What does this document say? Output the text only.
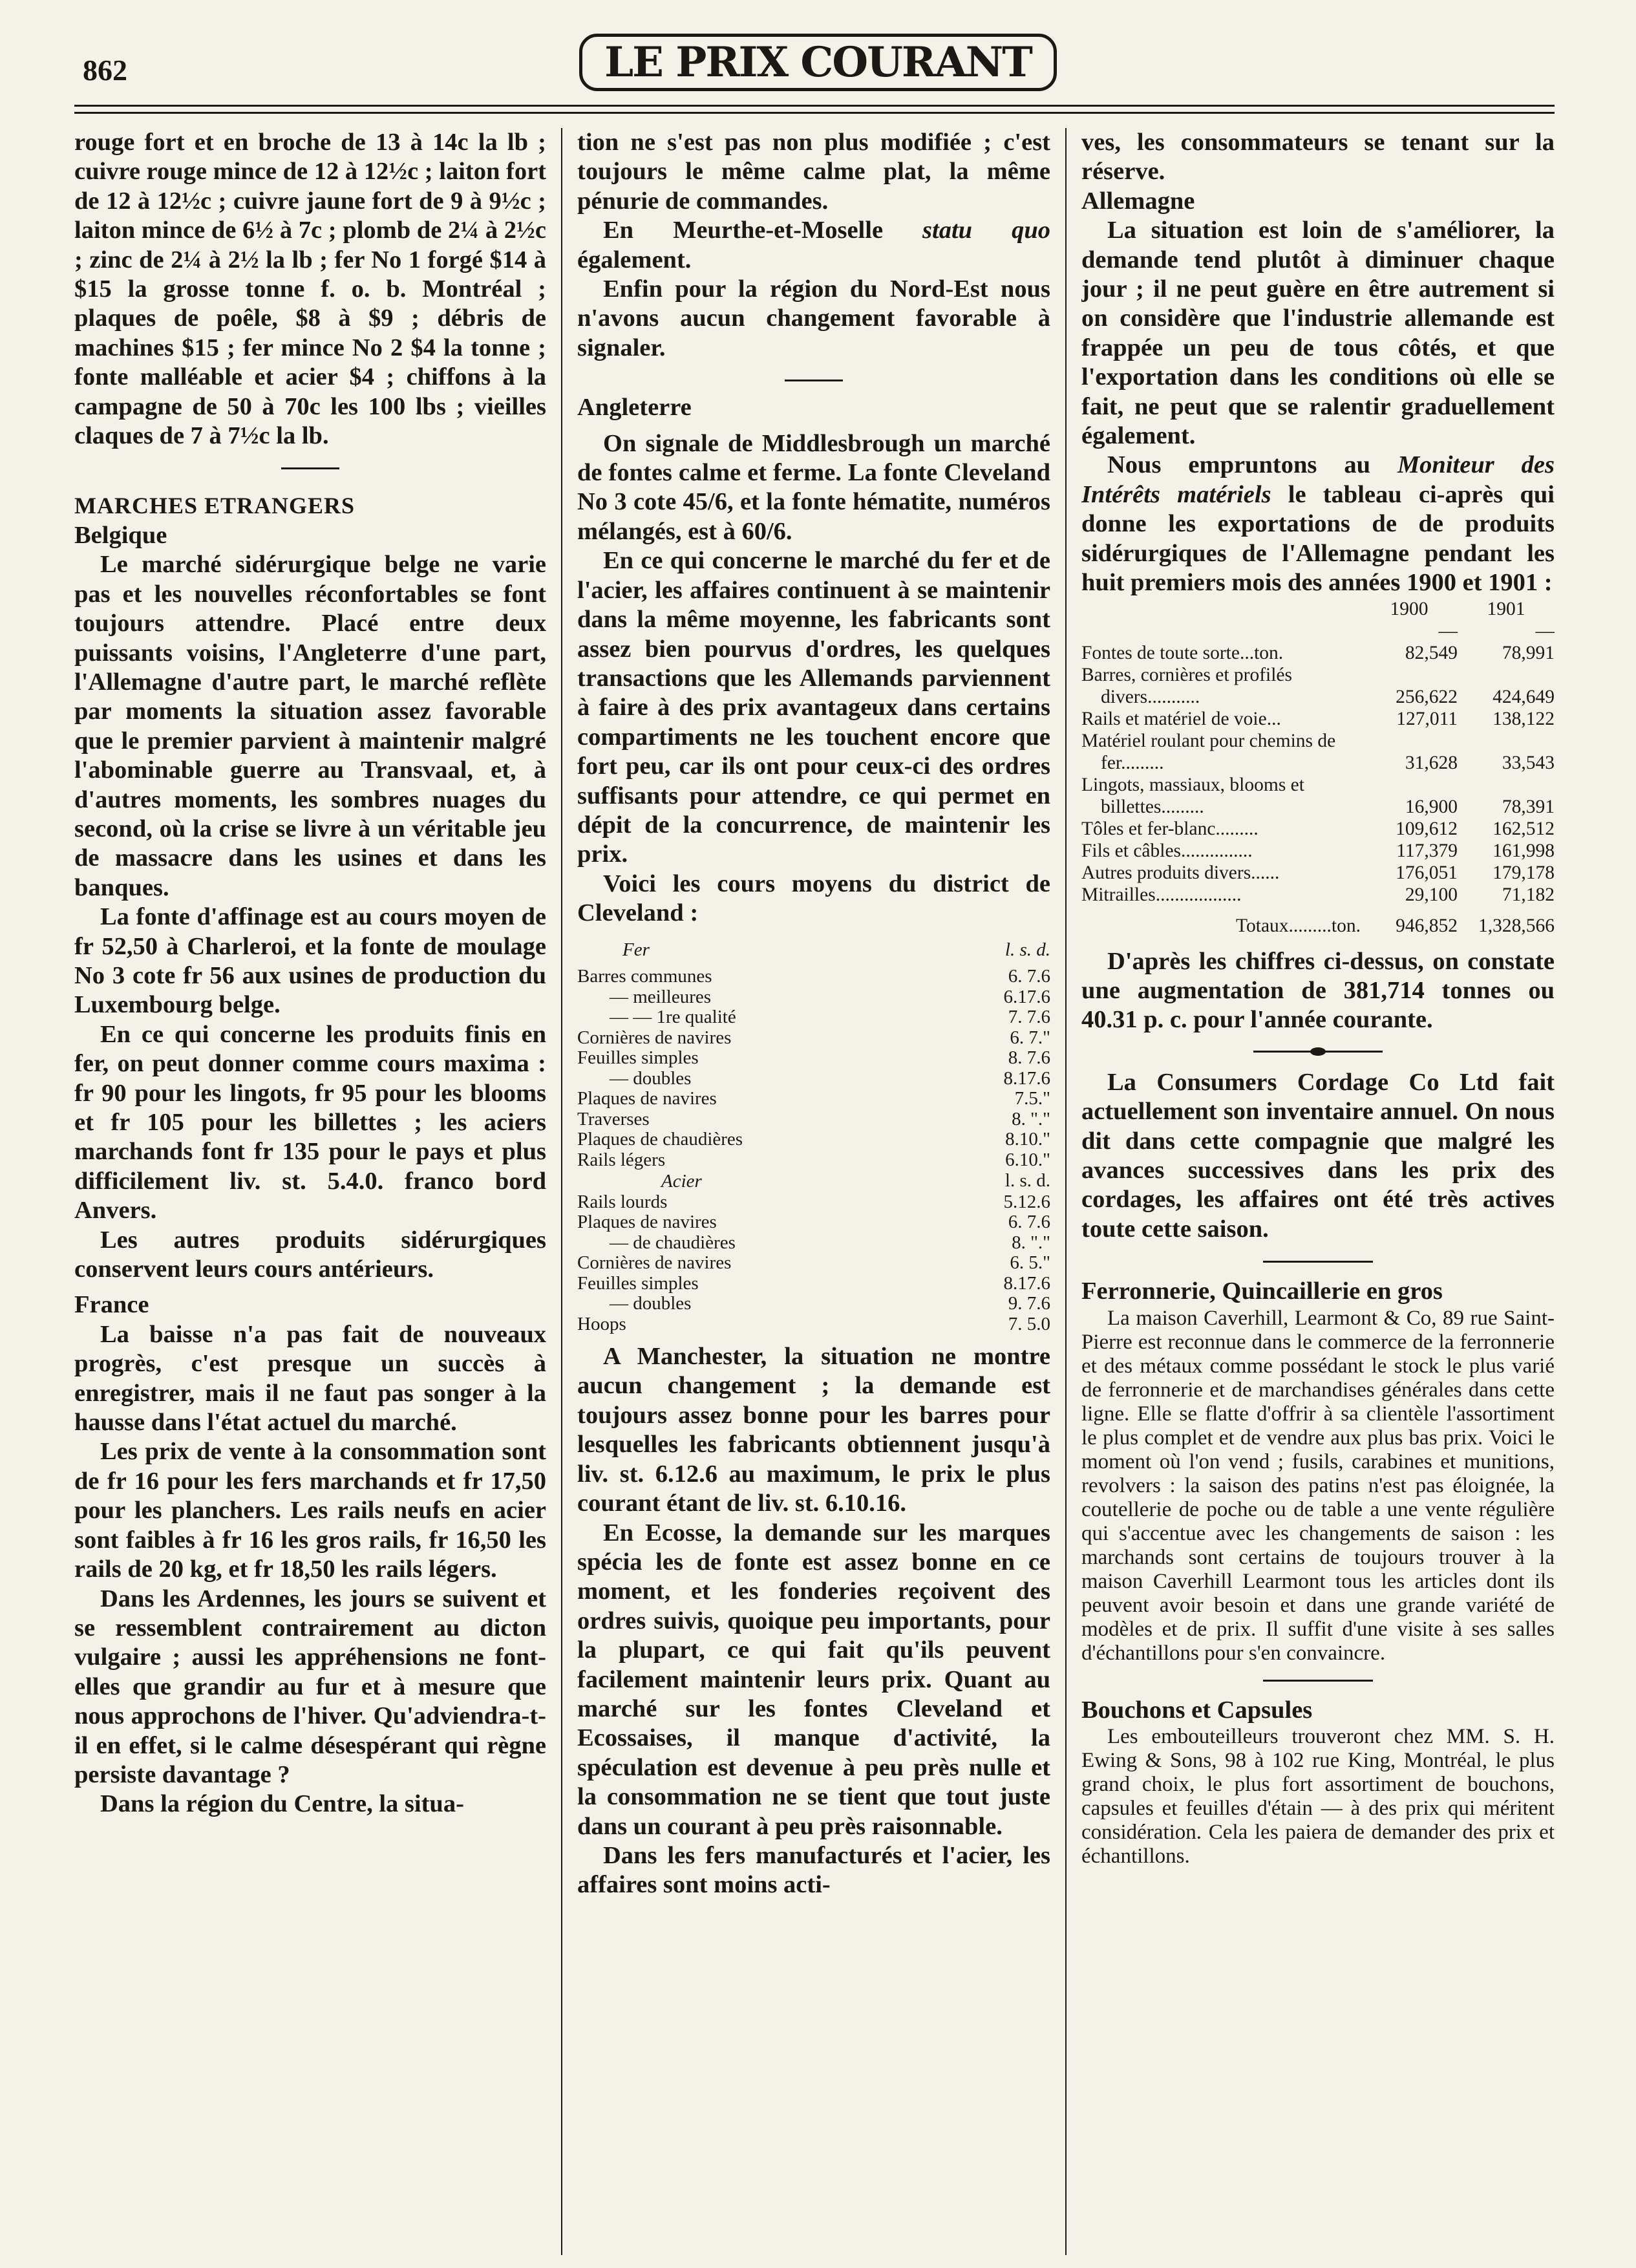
862	LE PRIX COURANT

rouge fort et en broche de 13 à 14c la lb ; cuivre rouge mince de 12 à 12½c ; laiton fort de 12 à 12½c ; cuivre jaune fort de 9 à 9½c ; laiton mince de 6½ à 7c ; plomb de 2¼ à 2½c ; zinc de 2¼ à 2½ la lb ; fer No 1 forgé $14 à $15 la grosse tonne f. o. b. Montréal ; plaques de poêle, $8 à $9 ; débris de machines $15 ; fer mince No 2 $4 la tonne ; fonte malléable et acier $4 ; chiffons à la campagne de 50 à 70c les 100 lbs ; vieilles claques de 7 à 7½c la lb.

MARCHES ETRANGERS

Belgique

Le marché sidérurgique belge ne varie pas et les nouvelles réconfortables se font toujours attendre. Placé entre deux puissants voisins, l'Angleterre d'une part, l'Allemagne d'autre part, le marché reflète par moments la situation assez favorable que le premier parvient à maintenir malgré l'abominable guerre au Transvaal, et, à d'autres moments, les sombres nuages du second, où la crise se livre à un véritable jeu de massacre dans les usines et dans les banques.

La fonte d'affinage est au cours moyen de fr 52,50 à Charleroi, et la fonte de moulage No 3 cote fr 56 aux usines de production du Luxembourg belge.

En ce qui concerne les produits finis en fer, on peut donner comme cours maxima : fr 90 pour les lingots, fr 95 pour les blooms et fr 105 pour les billettes ; les aciers marchands font fr 135 pour le pays et plus difficilement liv. st. 5.4.0. franco bord Anvers.

Les autres produits sidérurgiques conservent leurs cours antérieurs.

France

La baisse n'a pas fait de nouveaux progrès, c'est presque un succès à enregistrer, mais il ne faut pas songer à la hausse dans l'état actuel du marché.

Les prix de vente à la consommation sont de fr 16 pour les fers marchands et fr 17,50 pour les planchers. Les rails neufs en acier sont faibles à fr 16 les gros rails, fr 16,50 les rails de 20 kg, et fr 18,50 les rails légers.

Dans les Ardennes, les jours se suivent et se ressemblent contrairement au dicton vulgaire ; aussi les appréhensions ne font-elles que grandir au fur et à mesure que nous approchons de l'hiver. Qu'adviendra-t-il en effet, si le calme désespérant qui règne persiste davantage ?

Dans la région du Centre, la situa-

tion ne s'est pas non plus modifiée ; c'est toujours le même calme plat, la même pénurie de commandes.

En Meurthe-et-Moselle statu quo également.

Enfin pour la région du Nord-Est nous n'avons aucun changement favorable à signaler.

Angleterre

On signale de Middlesbrough un marché de fontes calme et ferme. La fonte Cleveland No 3 cote 45/6, et la fonte hématite, numéros mélangés, est à 60/6.

En ce qui concerne le marché du fer et de l'acier, les affaires continuent à se maintenir dans la même moyenne, les fabricants sont assez bien pourvus d'ordres, les quelques transactions que les Allemands parviennent à faire à des prix avantageux dans certains compartiments ne les touchent encore que fort peu, car ils ont pour ceux-ci des ordres suffisants pour attendre, ce qui permet en dépit de la concurrence, de maintenir les prix.

Voici les cours moyens du district de Cleveland :

Fer	l. s. d.
Barres communes	6. 7.6
— meilleures	6.17.6
— — 1re qualité	7. 7.6
Cornières de navires	6. 7."
Feuilles simples	8. 7.6
— doubles	8.17.6
Plaques de navires	7.5."
Traverses	8. "."
Plaques de chaudières	8.10."
Rails légers	6.10."
Acier	l. s. d.
Rails lourds	5.12.6
Plaques de navires	6. 7.6
— de chaudières	8. "."
Cornières de navires	6. 5."
Feuilles simples	8.17.6
— doubles	9. 7.6
Hoops	7. 5.0

A Manchester, la situation ne montre aucun changement ; la demande est toujours assez bonne pour les barres pour lesquelles les fabricants obtiennent jusqu'à liv. st. 6.12.6 au maximum, le prix le plus courant étant de liv. st. 6.10.16.

En Ecosse, la demande sur les marques spécia les de fonte est assez bonne en ce moment, et les fonderies reçoivent des ordres suivis, quoique peu importants, pour la plupart, ce qui fait qu'ils peuvent facilement maintenir leurs prix. Quant au marché sur les fontes Cleveland et Ecossaises, il manque d'activité, la spéculation est devenue à peu près nulle et la consommation ne se tient que tout juste dans un courant à peu près raisonnable.

Dans les fers manufacturés et l'acier, les affaires sont moins acti-

ves, les consommateurs se tenant sur la réserve.

Allemagne

La situation est loin de s'améliorer, la demande tend plutôt à diminuer chaque jour ; il ne peut guère en être autrement si on considère que l'industrie allemande est frappée un peu de tous côtés, et que l'exportation dans les conditions où elle se fait, ne peut que se ralentir graduellement également.

Nous empruntons au Moniteur des Intérêts matériels le tableau ci-après qui donne les exportations de de produits sidérurgiques de l'Allemagne pendant les huit premiers mois des années 1900 et 1901 :

	1900	1901
	—	—
Fontes de toute sorte...ton.	82,549	78,991
Barres, cornières et profilés divers...........	256,622	424,649
Rails et matériel de voie...	127,011	138,122
Matériel roulant pour chemins de fer.........	31,628	33,543
Lingots, massiaux, blooms et billettes.........	16,900	78,391
Tôles et fer-blanc.........	109,612	162,512
Fils et câbles...............	117,379	161,998
Autres produits divers......	176,051	179,178
Mitrailles..................	29,100	71,182
Totaux.........ton.	946,852	1,328,566

D'après les chiffres ci-dessus, on constate une augmentation de 381,714 tonnes ou 40.31 p. c. pour l'année courante.

La Consumers Cordage Co Ltd fait actuellement son inventaire annuel. On nous dit dans cette compagnie que malgré les avances successives dans les prix des cordages, les affaires ont été très actives toute cette saison.

Ferronnerie, Quincaillerie en gros

La maison Caverhill, Learmont & Co, 89 rue Saint-Pierre est reconnue dans le commerce de la ferronnerie et des métaux comme possédant le stock le plus varié de ferronnerie et de marchandises générales dans cette ligne. Elle se flatte d'offrir à sa clientèle l'assortiment le plus complet et de vendre aux plus bas prix. Voici le moment où l'on vend ; fusils, carabines et munitions, revolvers : la saison des patins n'est pas éloignée, la coutellerie de poche ou de table a une vente régulière qui s'accentue avec les changements de saison : les marchands sont certains de toujours trouver à la maison Caverhill Learmont tous les articles dont ils peuvent avoir besoin et dans une grande variété de modèles et de prix. Il suffit d'une visite à ses salles d'échantillons pour s'en convaincre.

Bouchons et Capsules

Les embouteilleurs trouveront chez MM. S. H. Ewing & Sons, 98 à 102 rue King, Montréal, le plus grand choix, le plus fort assortiment de bouchons, capsules et feuilles d'étain — à des prix qui méritent considération. Cela les paiera de demander des prix et échantillons.
